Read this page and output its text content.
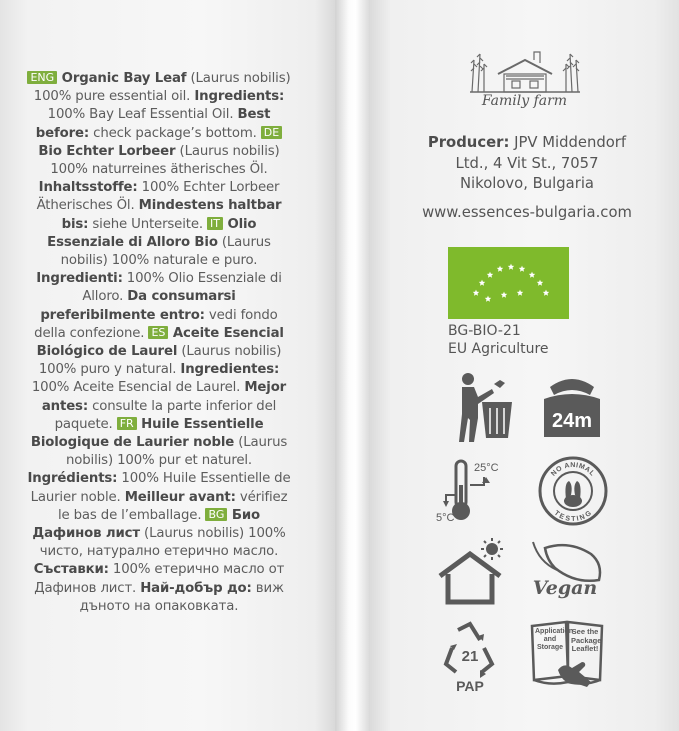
ENG Organic Bay Leaf (Laurus nobilis) 100% pure essential oil. Ingredients: 100% Bay Leaf Essential Oil. Best before: check package’s bottom. DE Bio Echter Lorbeer (Laurus nobilis) 100% naturreines ätherisches Öl. Inhaltsstoffe: 100% Echter Lorbeer Ätherisches Öl. Mindestens haltbar bis: siehe Unterseite. IT Olio Essenziale di Alloro Bio (Laurus nobilis) 100% naturale e puro. Ingredienti: 100% Olio Essenziale di Alloro. Da consumarsi preferibilmente entro: vedi fondo della confezione. ES Aceite Esencial Biológico de Laurel (Laurus nobilis) 100% puro y natural. Ingredientes: 100% Aceite Esencial de Laurel. Mejor antes: consulte la parte inferior del paquete. FR Huile Essentielle Biologique de Laurier noble (Laurus nobilis) 100% pur et naturel. Ingrédients: 100% Huile Essentielle de Laurier noble. Meilleur avant: vérifiez le bas de l’emballage. BG Био Дафинов лист (Laurus nobilis) 100% чисто, натурално етерично масло. Съставки: 100% етерично масло от Дафинов лист. Най-добър до: виж дъното на опаковката.
Family farm
Producer: JPV Middendorf
Ltd., 4 Vit St., 7057
Nikolovo, Bulgaria
www.essences-bulgaria.com
BG-BIO-21
EU Agriculture
24m
25°C
5°C
NO ANIMAL
TESTING
Vegan
21
PAP
Application and Storage
See the Package Leaflet!
